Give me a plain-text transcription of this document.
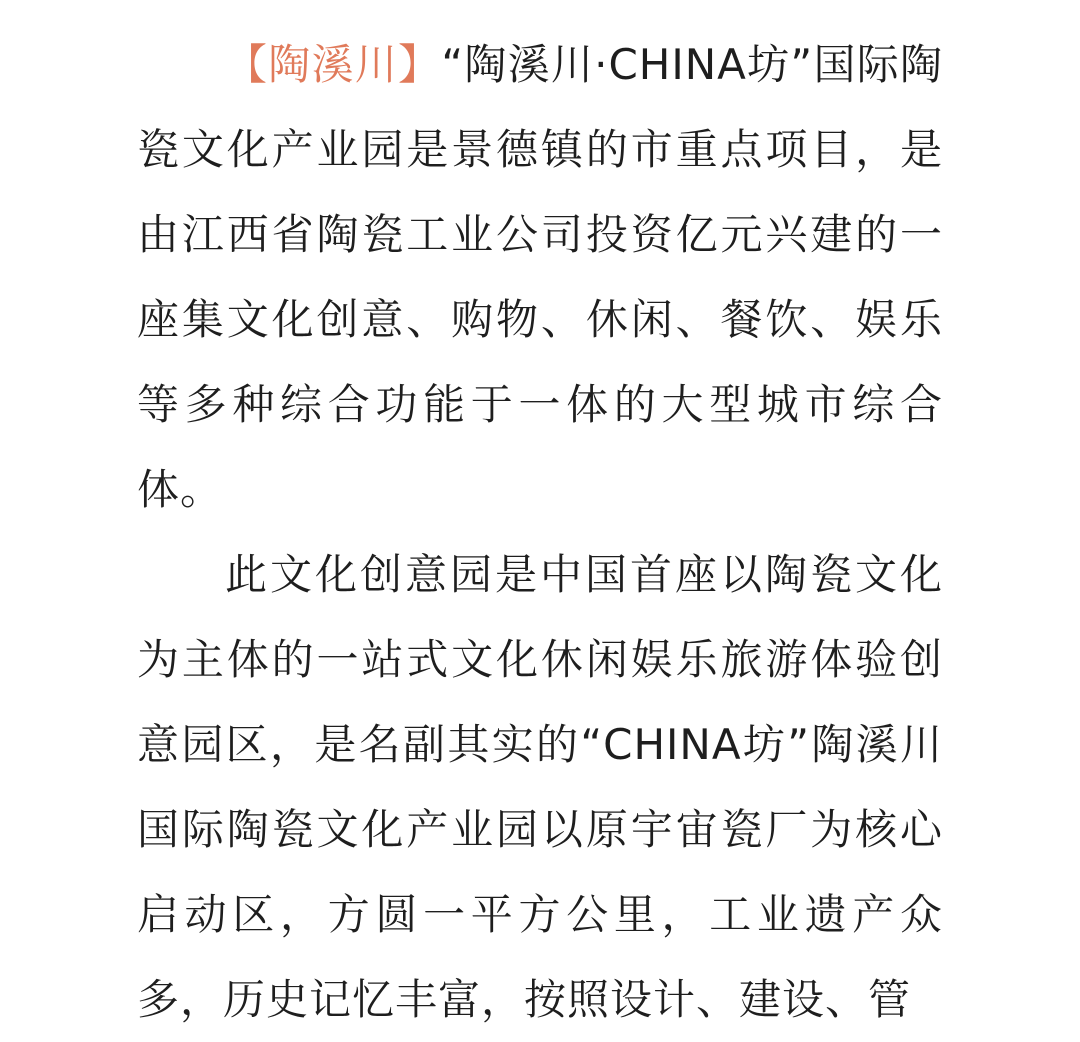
【陶溪川】“陶溪川·CHINA坊”国际陶瓷文化产业园是景德镇的市重点项目，是由江西省陶瓷工业公司投资亿元兴建的一座集文化创意、购物、休闲、餐饮、娱乐等多种综合功能于一体的大型城市综合体。

此文化创意园是中国首座以陶瓷文化为主体的一站式文化休闲娱乐旅游体验创意园区，是名副其实的“CHINA坊”陶溪川国际陶瓷文化产业园以原宇宙瓷厂为核心启动区，方圆一平方公里，工业遗产众多，历史记忆丰富，按照设计、建设、管
